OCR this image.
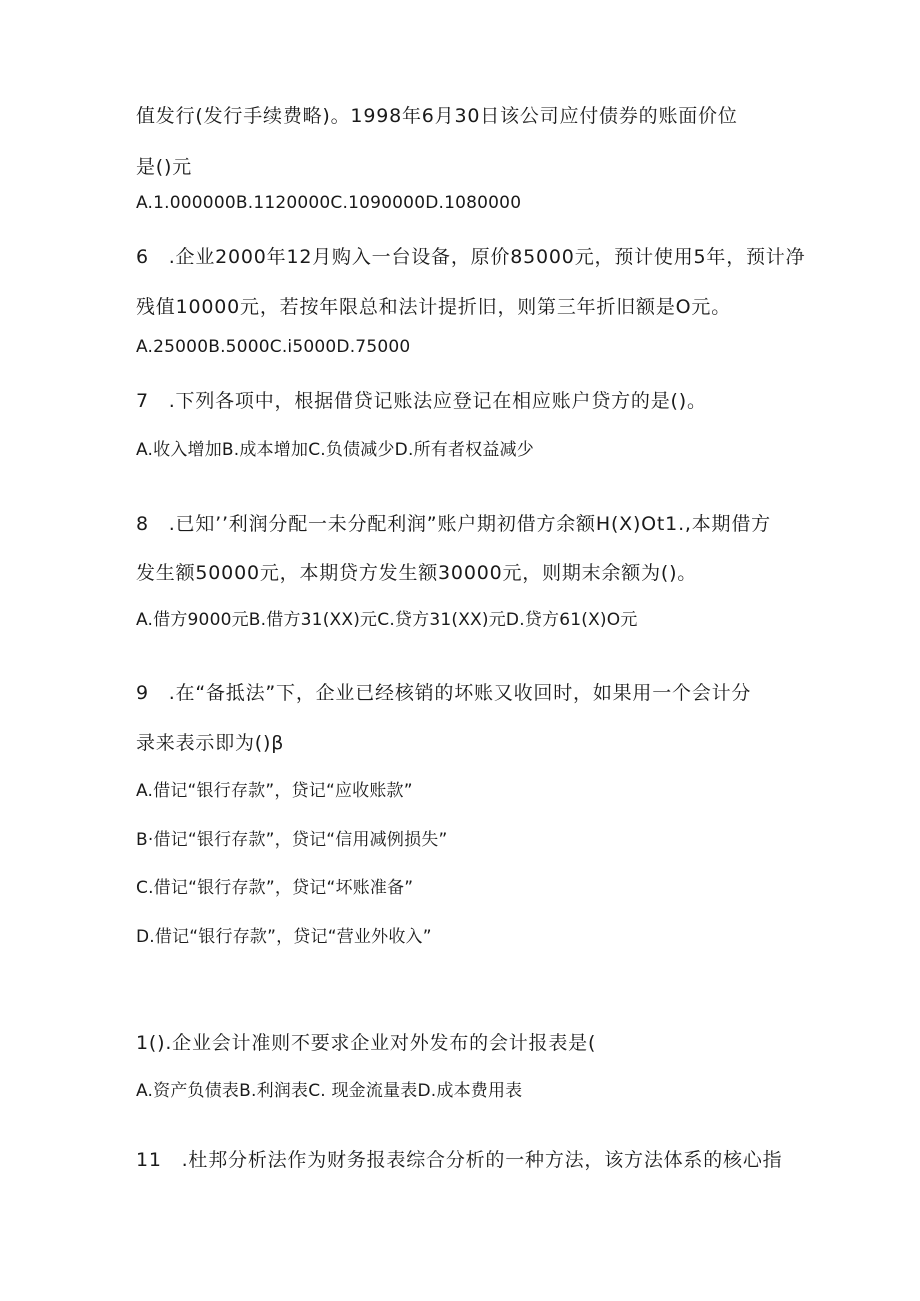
值发行(发行手续费略)。1998年6月30日该公司应付债券的账面价位
是()元
A.1.000000B.1120000C.1090000D.1080000
6　.企业2000年12月购入一台设备，原价85000元，预计使用5年，预计净
残值10000元，若按年限总和法计提折旧，则第三年折旧额是O元。
A.25000B.5000C.i5000D.75000
7　.下列各项中，根据借贷记账法应登记在相应账户贷方的是()。
A.收入增加B.成本增加C.负债减少D.所有者权益减少
8　.已知’’利润分配一未分配利润”账户期初借方余额H(X)Ot1.,本期借方
发生额50000元，本期贷方发生额30000元，则期末余额为()。
A.借方9000元B.借方31(XX)元C.贷方31(XX)元D.贷方61(X)O元
9　.在“备抵法”下，企业已经核销的坏账又收回时，如果用一个会计分
录来表示即为()β
A.借记“银行存款”，贷记“应收账款”
B·借记“银行存款”，贷记“信用减例损失”
C.借记“银行存款”，贷记“坏账准备”
D.借记“银行存款”，贷记“营业外收入”
1().企业会计准则不要求企业对外发布的会计报表是(
A.资产负债表B.利润表C. 现金流量表D.成本费用表
11　.杜邦分析法作为财务报表综合分析的一种方法，该方法体系的核心指
